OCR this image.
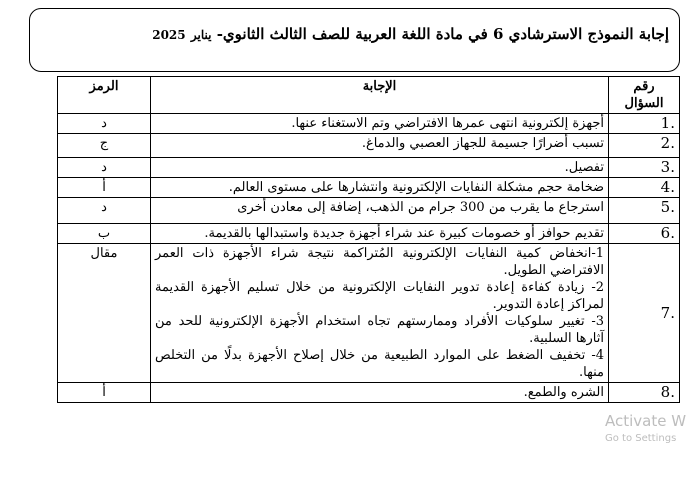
إجابة النموذج الاسترشادي 6 في مادة اللغة العربية للصف الثالث الثانوي- يناير 2025
رقم السؤال	الإجابة	الرمز
.1	أجهزة إلكترونية انتهى عمرها الافتراضي وتم الاستغناء عنها.	د
.2	تسبب أضرارًا جسيمة للجهاز العصبي والدماغ.	ج
.3	تفصيل.	د
.4	ضخامة حجم مشكلة النفايات الإلكترونية وانتشارها على مستوى العالم.	أ
.5	استرجاع ما يقرب من 300 جرام من الذهب، إضافة إلى معادن أخرى	د
.6	تقديم حوافز أو خصومات كبيرة عند شراء أجهزة جديدة واستبدالها بالقديمة.	ب
.7	1-انخفاض كمية النفايات الإلكترونية المُتراكمة نتيجة شراء الأجهزة ذات العمر الافتراضي الطويل.
2- زيادة كفاءة إعادة تدوير النفايات الإلكترونية من خلال تسليم الأجهزة القديمة لمراكز إعادة التدوير.
3- تغيير سلوكيات الأفراد وممارستهم تجاه استخدام الأجهزة الإلكترونية للحد من آثارها السلبية.
4- تخفيف الضغط على الموارد الطبيعية من خلال إصلاح الأجهزة بدلًا من التخلص منها.	مقال
.8	الشره والطمع.	أ
Activate W
Go to Settings
